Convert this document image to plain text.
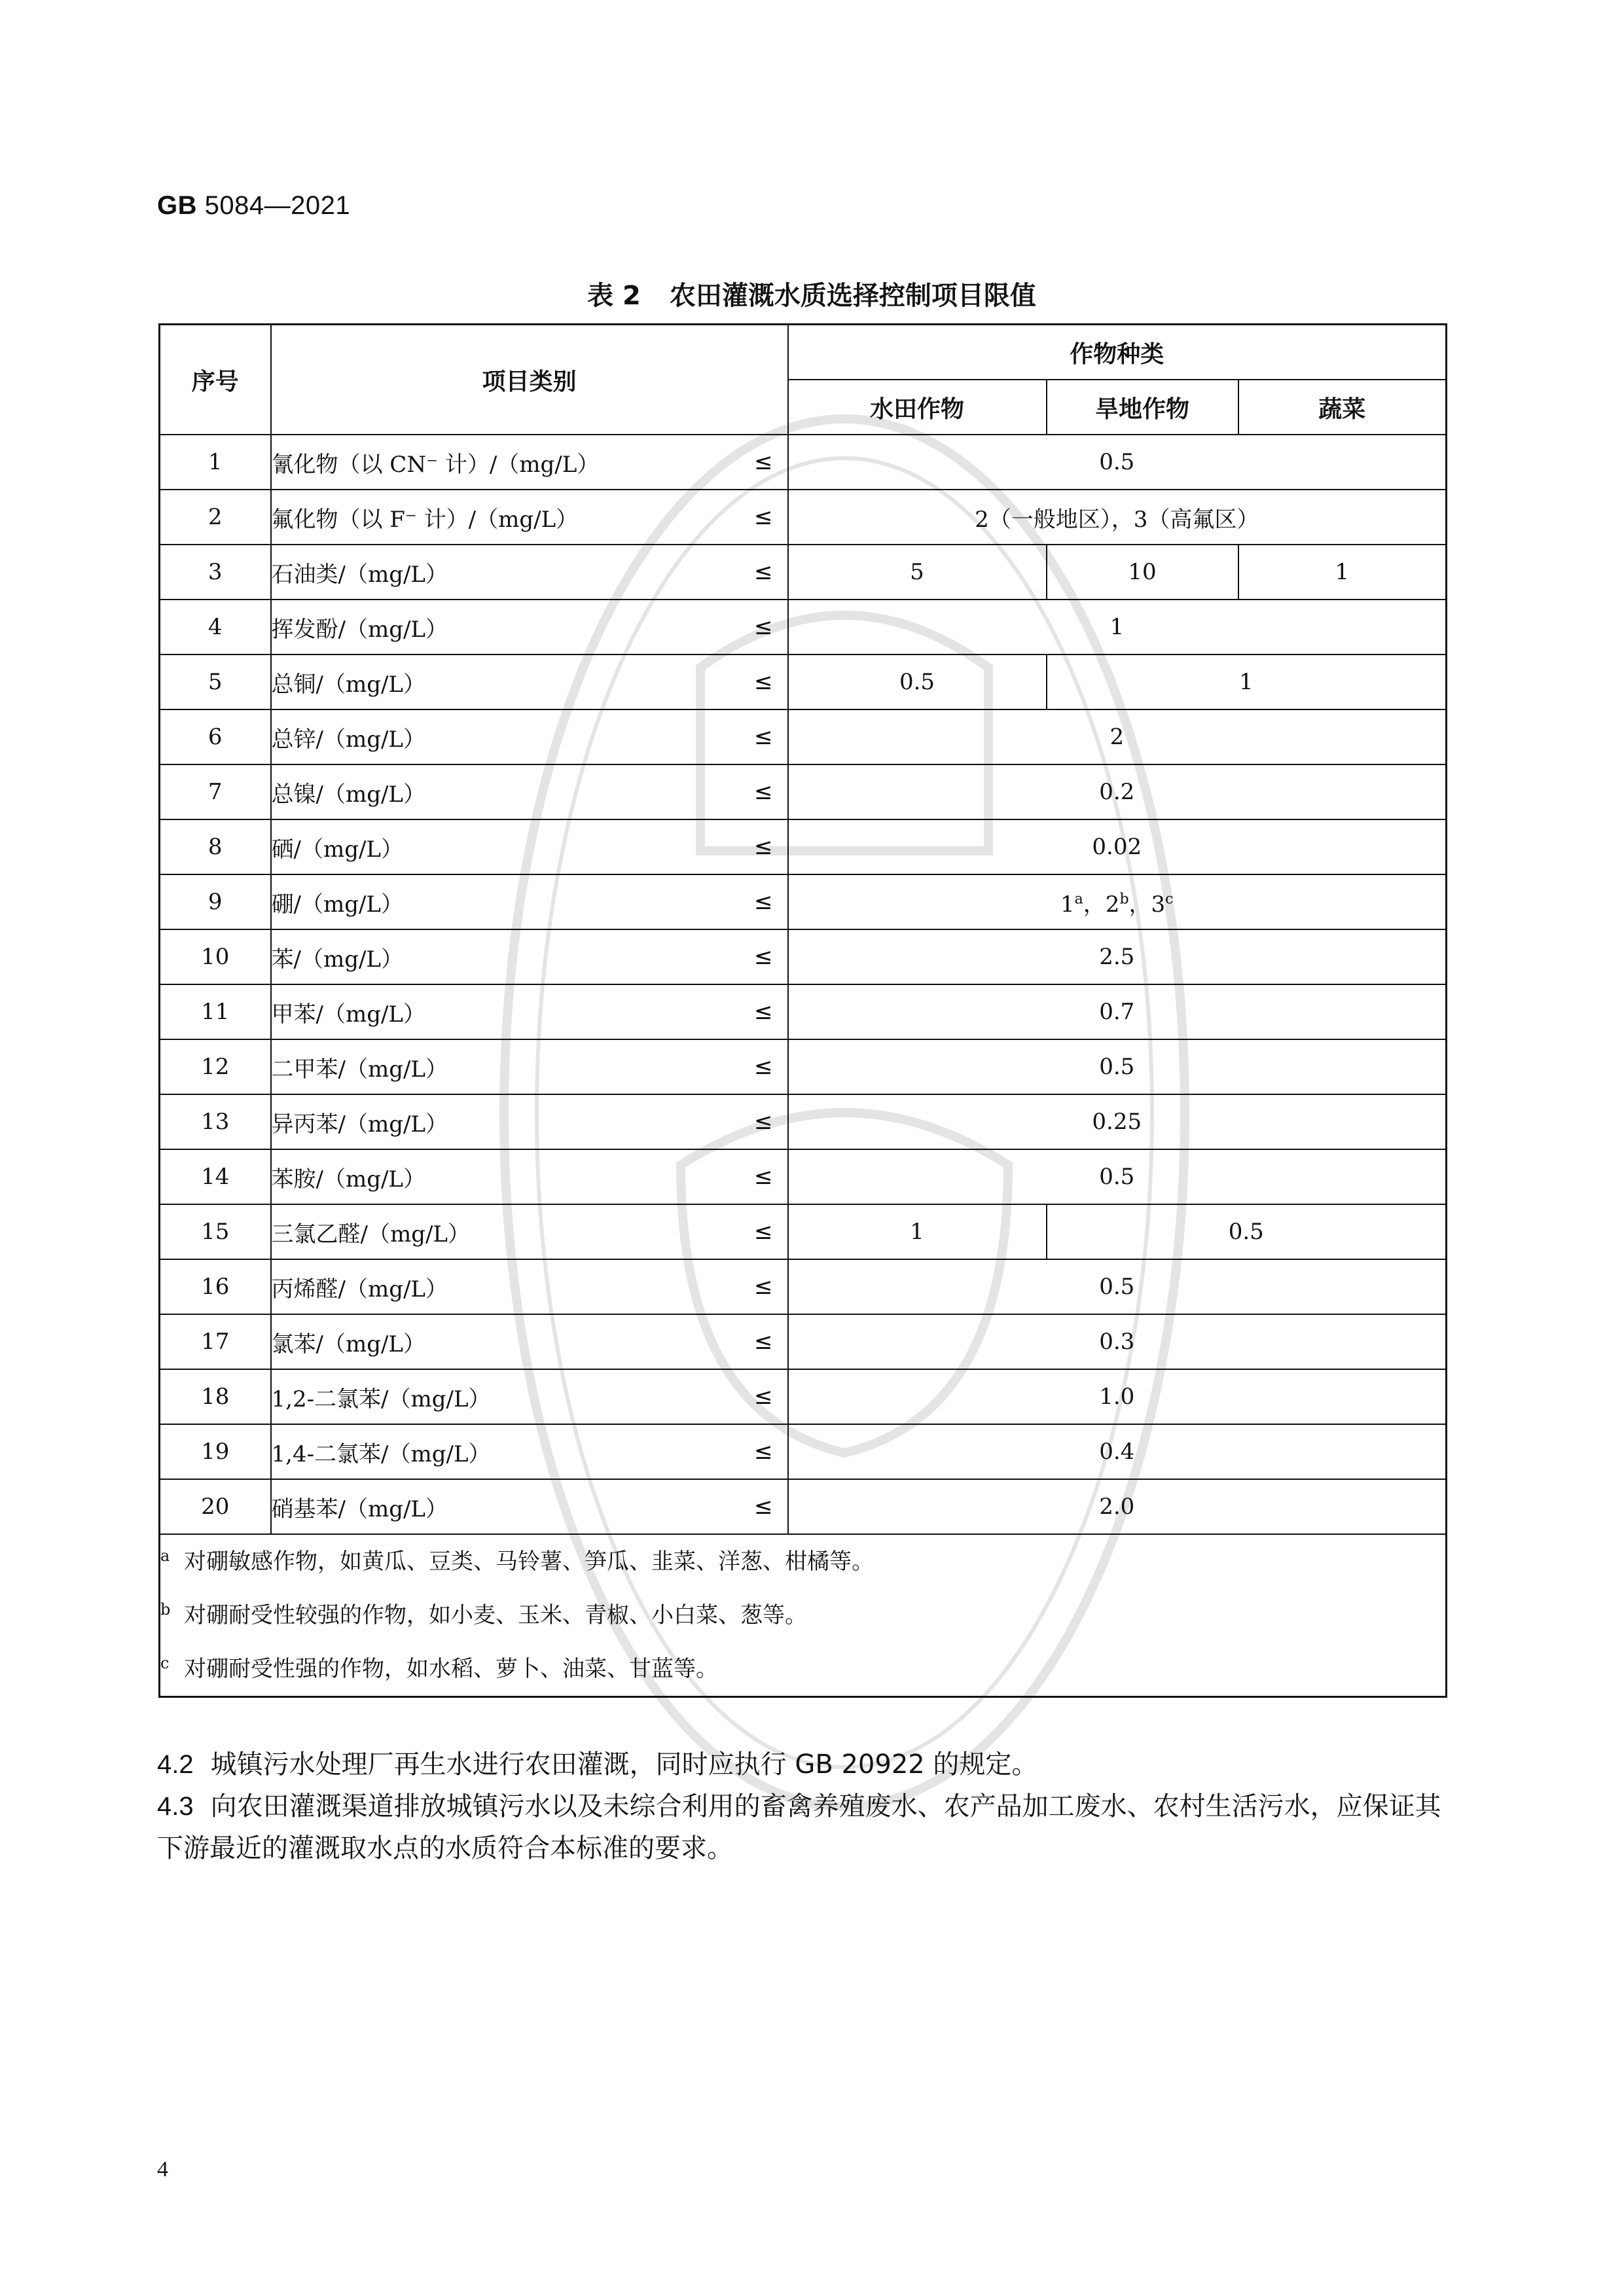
GB 5084—2021
表 2 农田灌溉水质选择控制项目限值
序号	项目类别	作物种类		
		水田作物	旱地作物	蔬菜
1	氰化物（以 CN⁻ 计）/（mg/L） ≤	0.5		
2	氟化物（以 F⁻ 计）/（mg/L） ≤	2（一般地区），3（高氟区）		
3	石油类/（mg/L） ≤	5	10	1
4	挥发酚/（mg/L） ≤	1		
5	总铜/（mg/L） ≤	0.5	1	
6	总锌/（mg/L） ≤	2		
7	总镍/（mg/L） ≤	0.2		
8	硒/（mg/L） ≤	0.02		
9	硼/（mg/L） ≤	$1^a$，2$^b$，3$^c$
10	苯/（mg/L） ≤	2.5		
11	甲苯/（mg/L） ≤	0.7		
12	二甲苯/（mg/L） ≤	0.5		
13	异丙苯/（mg/L） ≤	0.25		
14	苯胺/（mg/L） ≤	0.5		
15	三氯乙醛/（mg/L） ≤	1	0.5	
16	丙烯醛/（mg/L） ≤	0.5		
17	氯苯/（mg/L） ≤	0.3		
18	1,2-二氯苯/（mg/L） ≤	1.0		
19	1,4-二氯苯/（mg/L） ≤	0.4		
20	硝基苯/（mg/L） ≤	2.0		

a 对硼敏感作物，如黄瓜、豆类、马铃薯、笋瓜、韭菜、洋葱、柑橘等。
b 对硼耐受性较强的作物，如小麦、玉米、青椒、小白菜、葱等。
c 对硼耐受性强的作物，如水稻、萝卜、油菜、甘蓝等。				
4.2 城镇污水处理厂再生水进行农田灌溉，同时应执行 GB 20922 的规定。
4.3 向农田灌溉渠道排放城镇污水以及未综合利用的畜禽养殖废水、农产品加工废水、农村生活污水，应保证其下游最近的灌溉取水点的水质符合本标准的要求。
4
